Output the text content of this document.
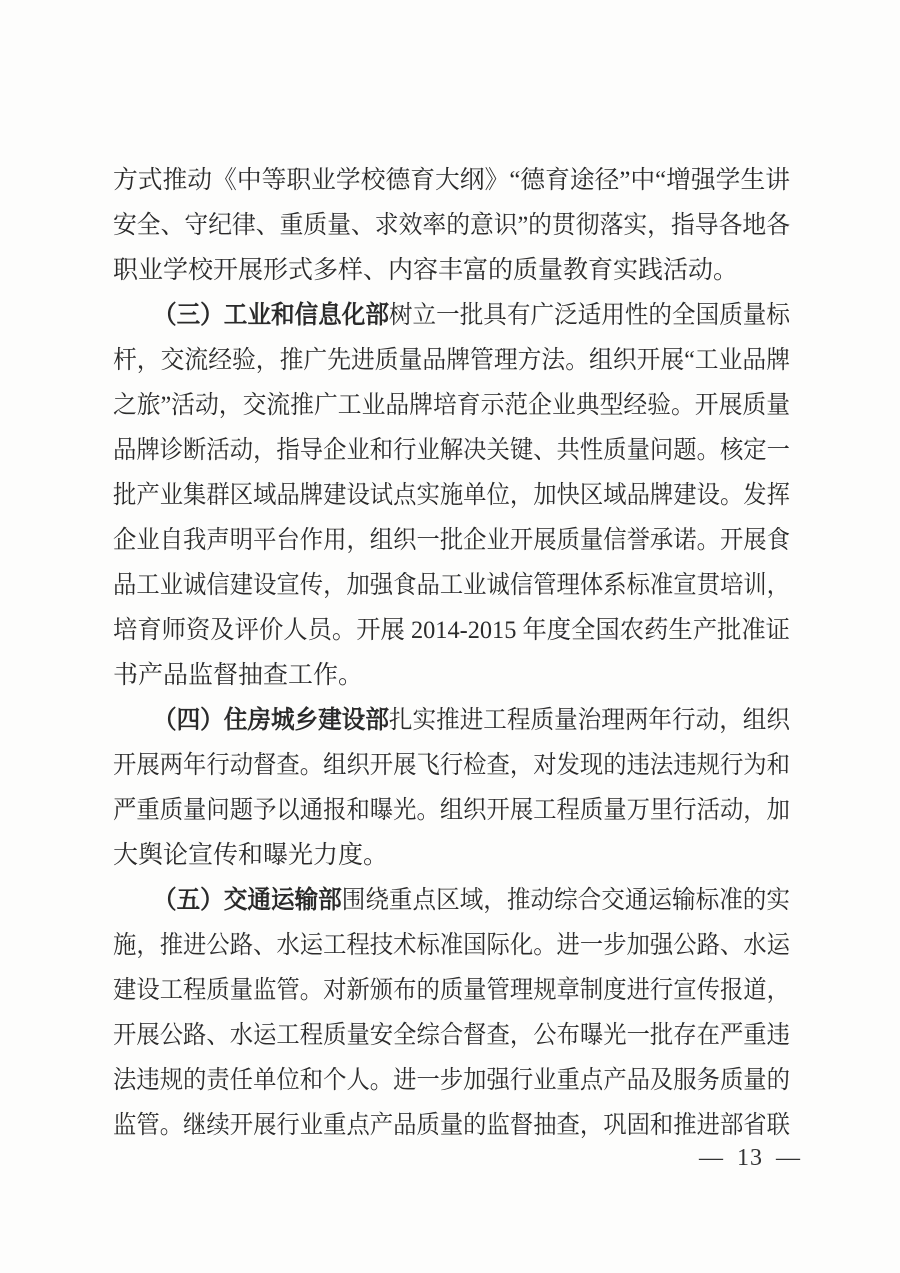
方式推动《中等职业学校德育大纲》“德育途径”中“增强学生讲
安全、守纪律、重质量、求效率的意识”的贯彻落实，指导各地各
职业学校开展形式多样、内容丰富的质量教育实践活动。
（三）工业和信息化部树立一批具有广泛适用性的全国质量标
杆，交流经验，推广先进质量品牌管理方法。组织开展“工业品牌
之旅”活动，交流推广工业品牌培育示范企业典型经验。开展质量
品牌诊断活动，指导企业和行业解决关键、共性质量问题。核定一
批产业集群区域品牌建设试点实施单位，加快区域品牌建设。发挥
企业自我声明平台作用，组织一批企业开展质量信誉承诺。开展食
品工业诚信建设宣传，加强食品工业诚信管理体系标准宣贯培训，
培育师资及评价人员。开展 2014-2015 年度全国农药生产批准证
书产品监督抽查工作。
（四）住房城乡建设部扎实推进工程质量治理两年行动，组织
开展两年行动督查。组织开展飞行检查，对发现的违法违规行为和
严重质量问题予以通报和曝光。组织开展工程质量万里行活动，加
大舆论宣传和曝光力度。
（五）交通运输部围绕重点区域，推动综合交通运输标准的实
施，推进公路、水运工程技术标准国际化。进一步加强公路、水运
建设工程质量监管。对新颁布的质量管理规章制度进行宣传报道，
开展公路、水运工程质量安全综合督查，公布曝光一批存在严重违
法违规的责任单位和个人。进一步加强行业重点产品及服务质量的
监管。继续开展行业重点产品质量的监督抽查，巩固和推进部省联
— 13 —
